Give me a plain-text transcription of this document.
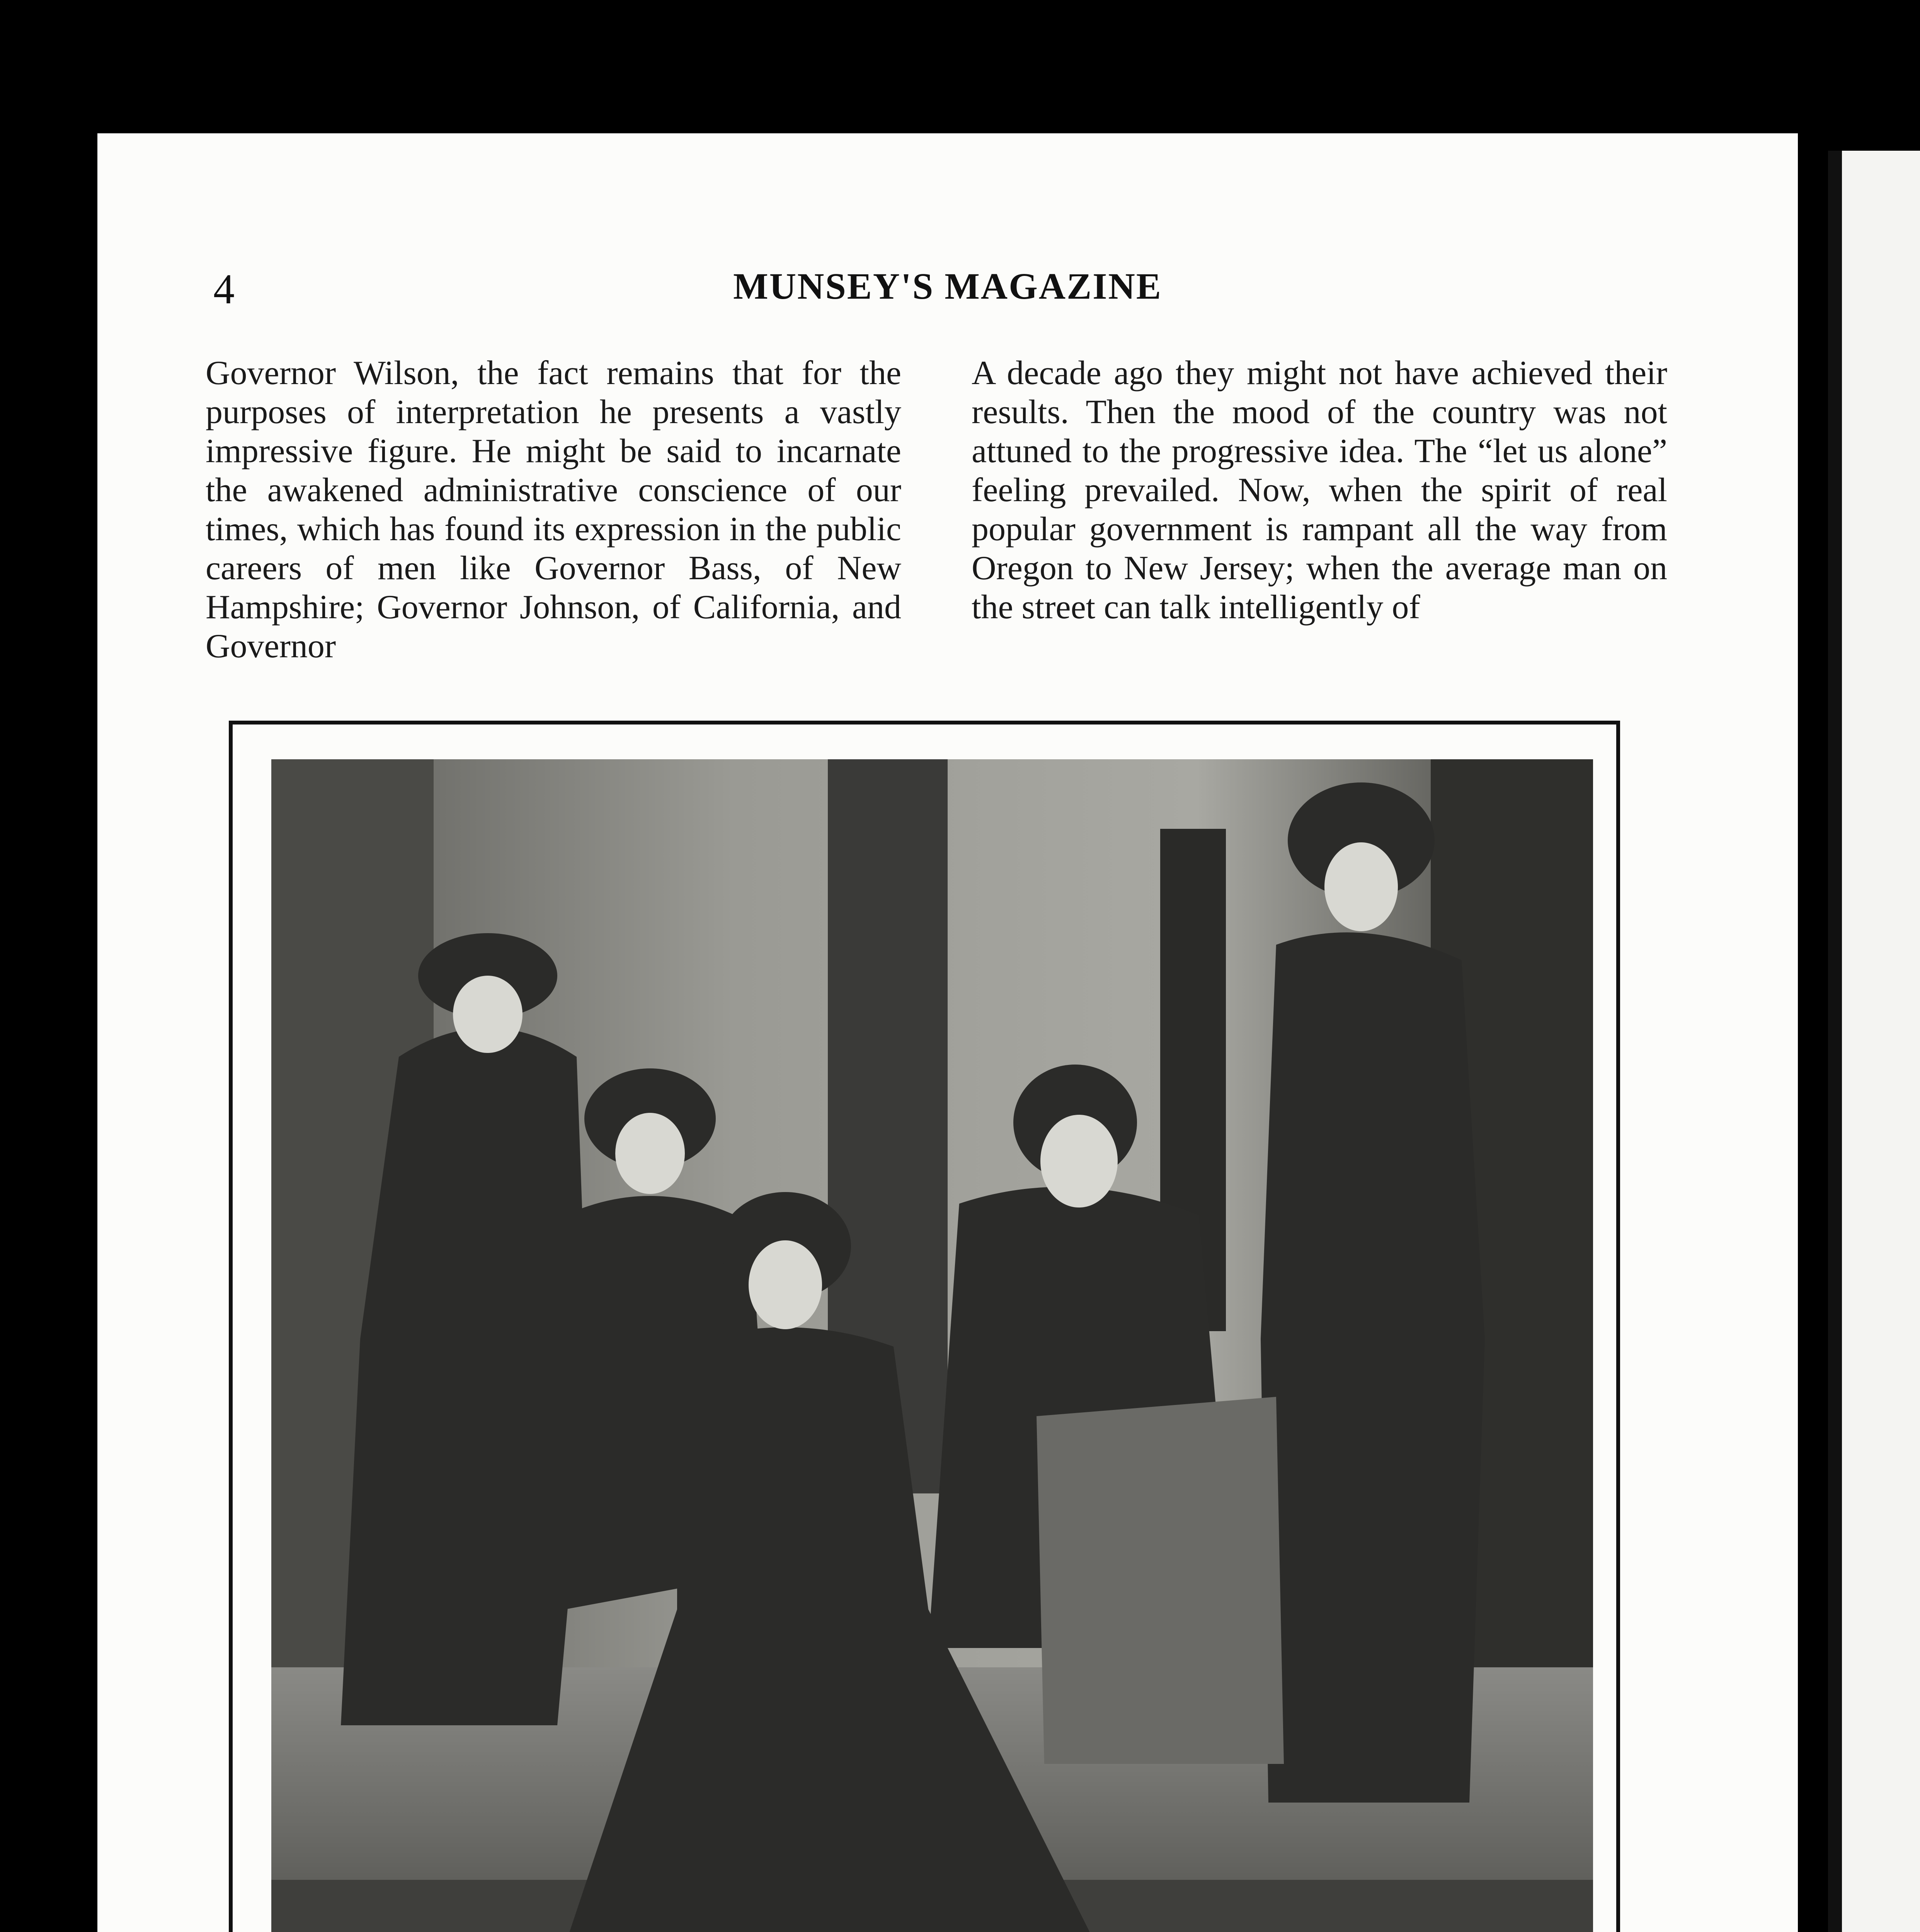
4	MUNSEY'S MAGAZINE

Governor Wilson, the fact remains that for the purposes of interpretation he presents a vastly impressive figure. He might be said to incarnate the awakened administrative conscience of our times, which has found its expression in the public careers of men like Governor Bass, of New Hampshire; Governor Johnson, of California, and Governor

A decade ago they might not have achieved their results. Then the mood of the country was not attuned to the progressive idea. The “let us alone” feeling prevailed. Now, when the spirit of real popular government is rampant all the way from Oregon to New Jersey; when the average man on the street can talk intelligently of
